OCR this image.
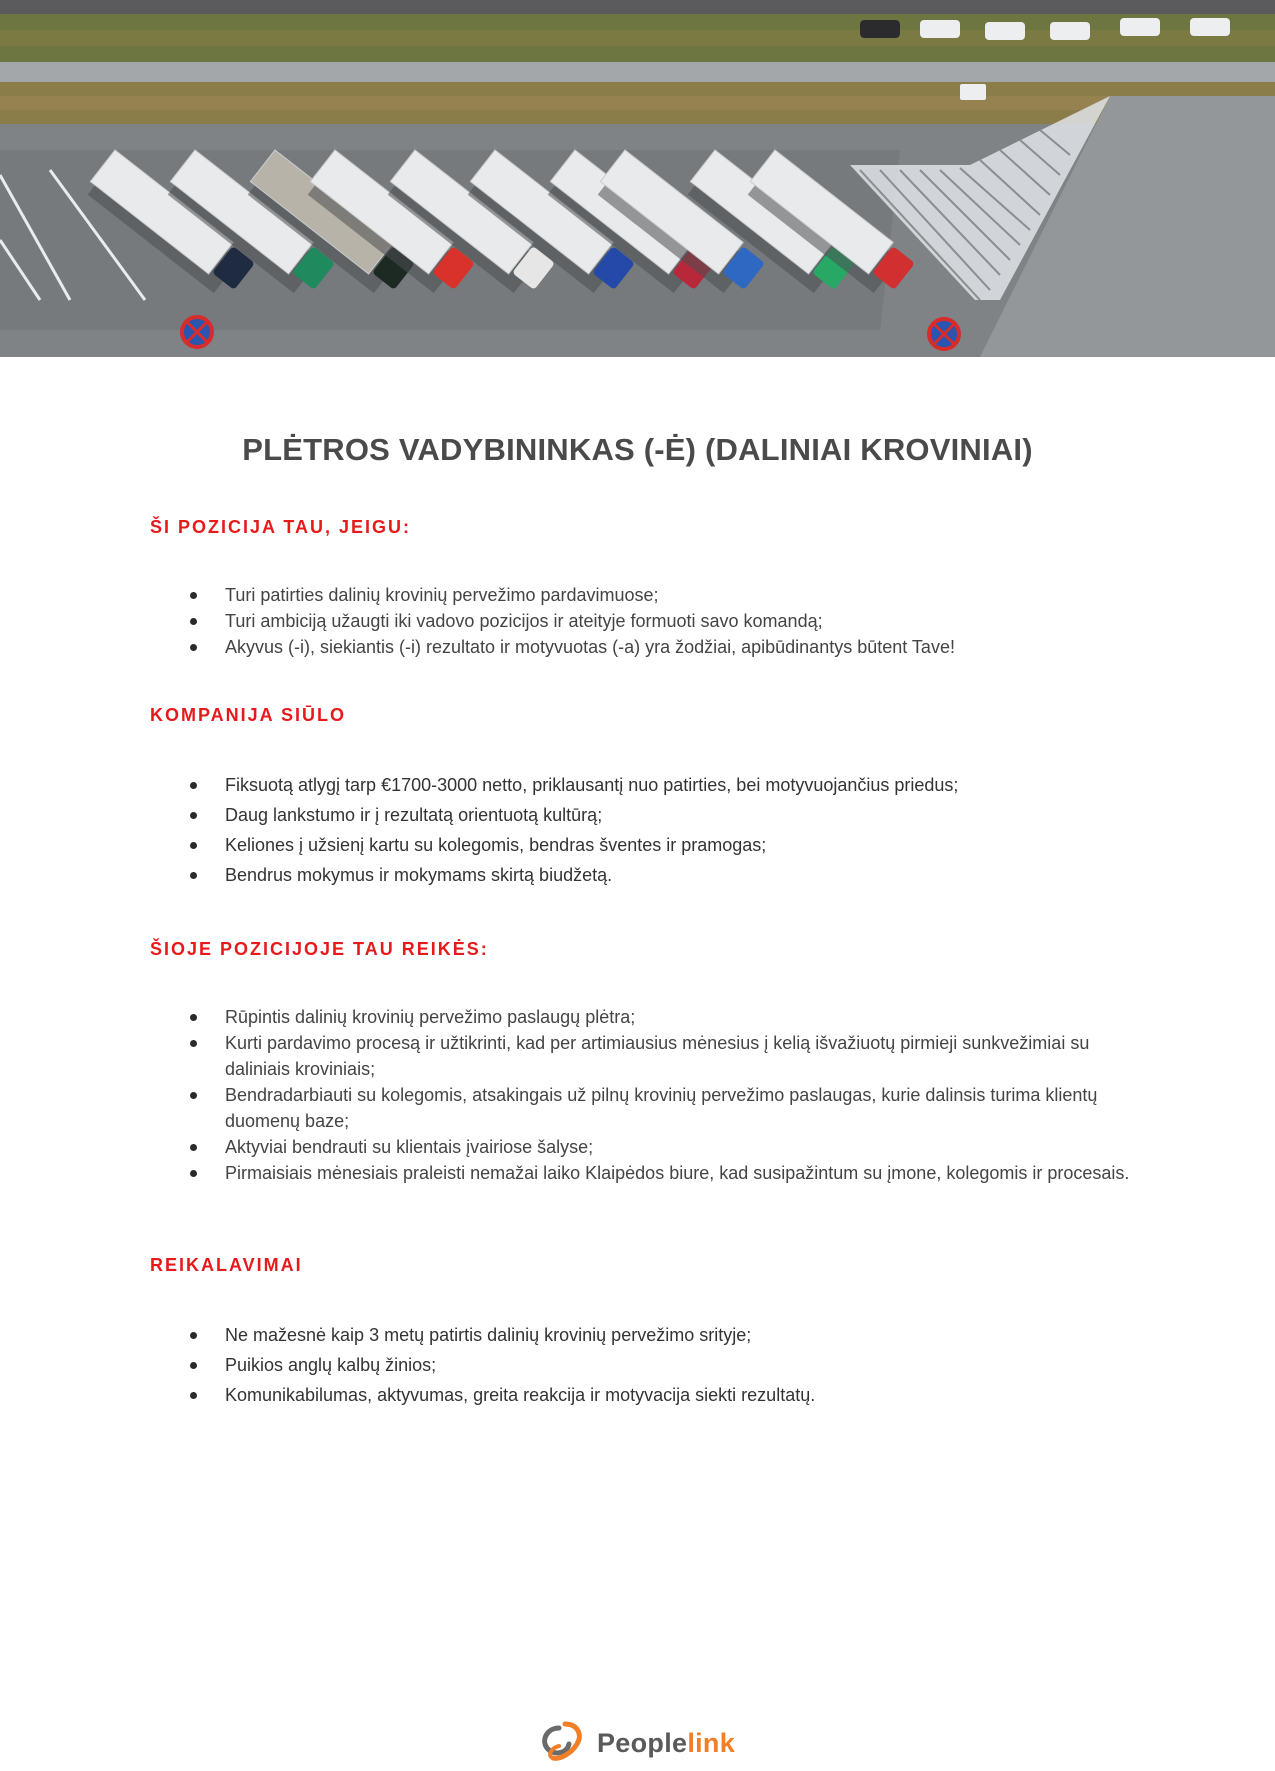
PLĖTROS VADYBININKAS (-Ė) (DALINIAI KROVINIAI)
ŠI POZICIJA TAU, JEIGU:
Turi patirties dalinių krovinių pervežimo pardavimuose;
Turi ambiciją užaugti iki vadovo pozicijos ir ateityje formuoti savo komandą;
Akyvus (-i), siekiantis (-i) rezultato ir motyvuotas (-a) yra žodžiai, apibūdinantys būtent Tave!
KOMPANIJA SIŪLO
Fiksuotą atlygį tarp €1700-3000 netto, priklausantį nuo patirties, bei motyvuojančius priedus;
Daug lankstumo ir į rezultatą orientuotą kultūrą;
Keliones į užsienį kartu su kolegomis, bendras šventes ir pramogas;
Bendrus mokymus ir mokymams skirtą biudžetą.
ŠIOJE POZICIJOJE TAU REIKĖS:
Rūpintis dalinių krovinių pervežimo paslaugų plėtra;
Kurti pardavimo procesą ir užtikrinti, kad per artimiausius mėnesius į kelią išvažiuotų pirmieji sunkvežimiai su daliniais kroviniais;
Bendradarbiauti su kolegomis, atsakingais už pilnų krovinių pervežimo paslaugas, kurie dalinsis turima klientų duomenų baze;
Aktyviai bendrauti su klientais įvairiose šalyse;
Pirmaisiais mėnesiais praleisti nemažai laiko Klaipėdos biure, kad susipažintum su įmone, kolegomis ir procesais.
REIKALAVIMAI
Ne mažesnė kaip 3 metų patirtis dalinių krovinių pervežimo srityje;
Puikios anglų kalbų žinios;
Komunikabilumas, aktyvumas, greita reakcija ir motyvacija siekti rezultatų.
Peoplelink
